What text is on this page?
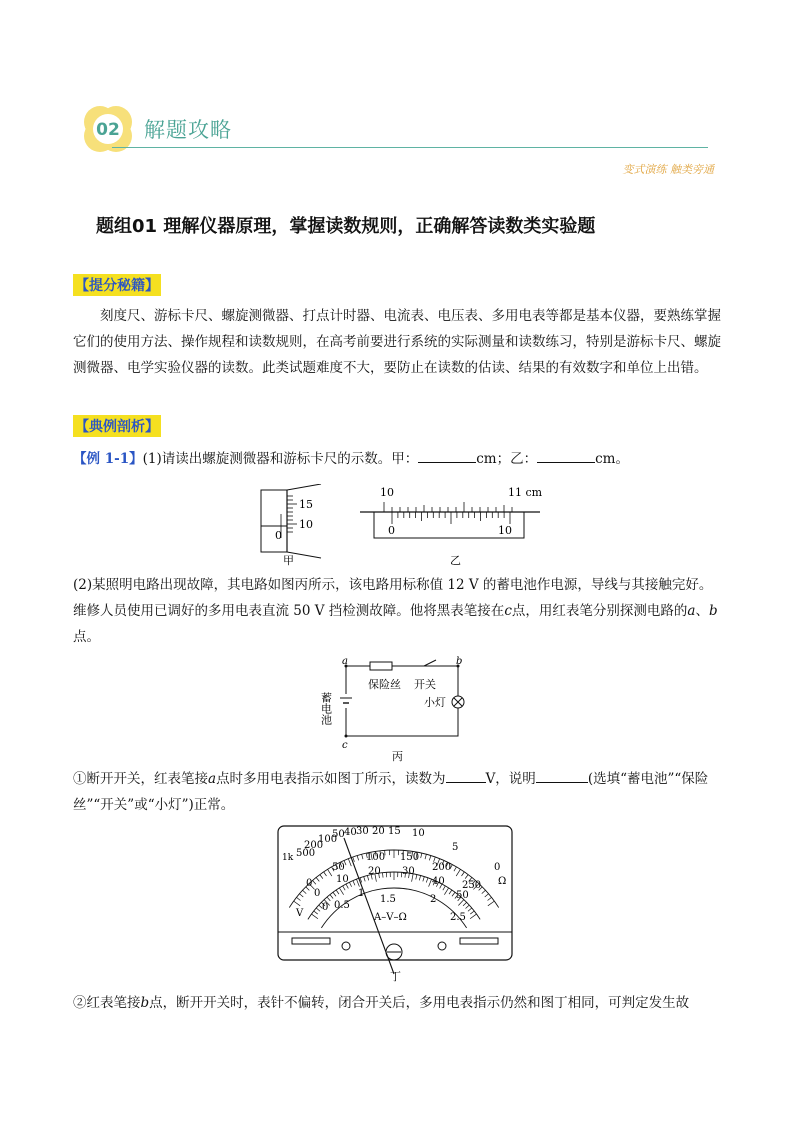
02 解题攻略
变式演练 触类旁通
题组01 理解仪器原理，掌握读数规则，正确解答读数类实验题
【提分秘籍】
刻度尺、游标卡尺、螺旋测微器、打点计时器、电流表、电压表、多用电表等都是基本仪器，要熟练掌握它们的使用方法、操作规程和读数规则，在高考前要进行系统的实际测量和读数练习，特别是游标卡尺、螺旋测微器、电学实验仪器的读数。此类试题难度不大，要防止在读数的估读、结果的有效数字和单位上出错。
【典例剖析】
【例 1-1】(1)请读出螺旋测微器和游标卡尺的示数。甲：	cm；乙：	cm。
15
10
0
甲
10	11 cm
0	10
乙
(2)某照明电路出现故障，其电路如图丙所示，该电路用标称值 12 V 的蓄电池作电源，导线与其接触完好。维修人员使用已调好的多用电表直流 50 V 挡检测故障。他将黑表笔接在c点，用红表笔分别探测电路的a、b点。
a	b
c
保险丝 开关
小灯
蓄电池
丙
①断开开关，红表笔接a点时多用电表指示如图丁所示，读数为	V，说明	(选填“蓄电池”“保险丝”“开关”或“小灯”)正常。
500
1k
200
100
50 40 30 20 15 10
5
0
Ω
0
50
100 150
200
250
0
10
20 30
40
50
0 0.5
1
1.5	2
2.5
V	A–V–Ω
丁
②红表笔接b点，断开开关时，表针不偏转，闭合开关后，多用电表指示仍然和图丁相同，可判定发生故
